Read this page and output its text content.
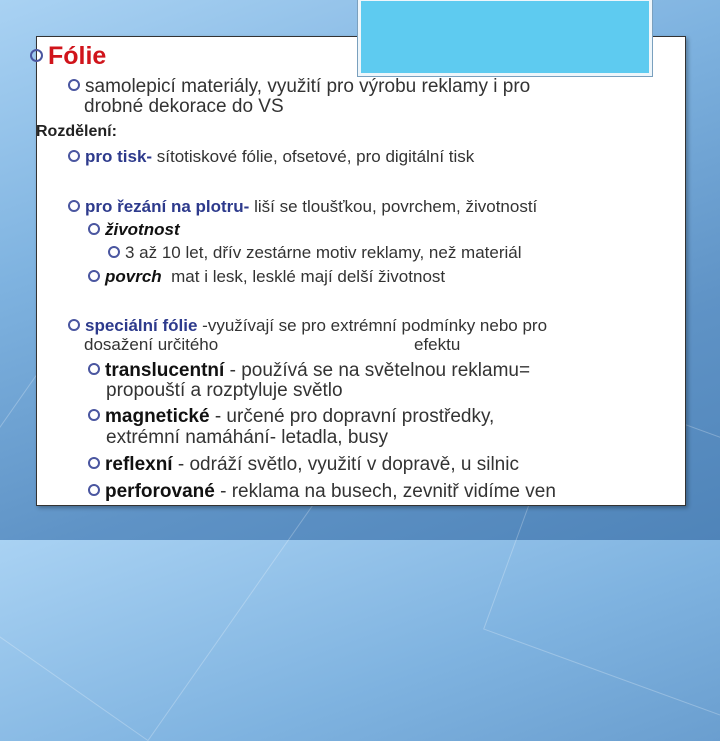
Fólie
samolepicí materiály, využití pro výrobu reklamy i pro
drobné dekorace do VS
Rozdělení:
pro tisk- sítotiskové fólie, ofsetové, pro digitální tisk
pro řezání na plotru- liší se tloušťkou, povrchem, životností
životnost
3 až 10 let, dřív zestárne motiv reklamy, než materiál
povrch  mat i lesk, lesklé mají delší životnost
speciální fólie -využívají se pro extrémní podmínky nebo pro
dosažení určitého	efektu
translucentní - používá se na světelnou reklamu=
propouští a rozptyluje světlo
magnetické - určené pro dopravní prostředky,
extrémní namáhání- letadla, busy
reflexní - odráží světlo, využití v dopravě, u silnic
perforované - reklama na busech, zevnitř vidíme ven
